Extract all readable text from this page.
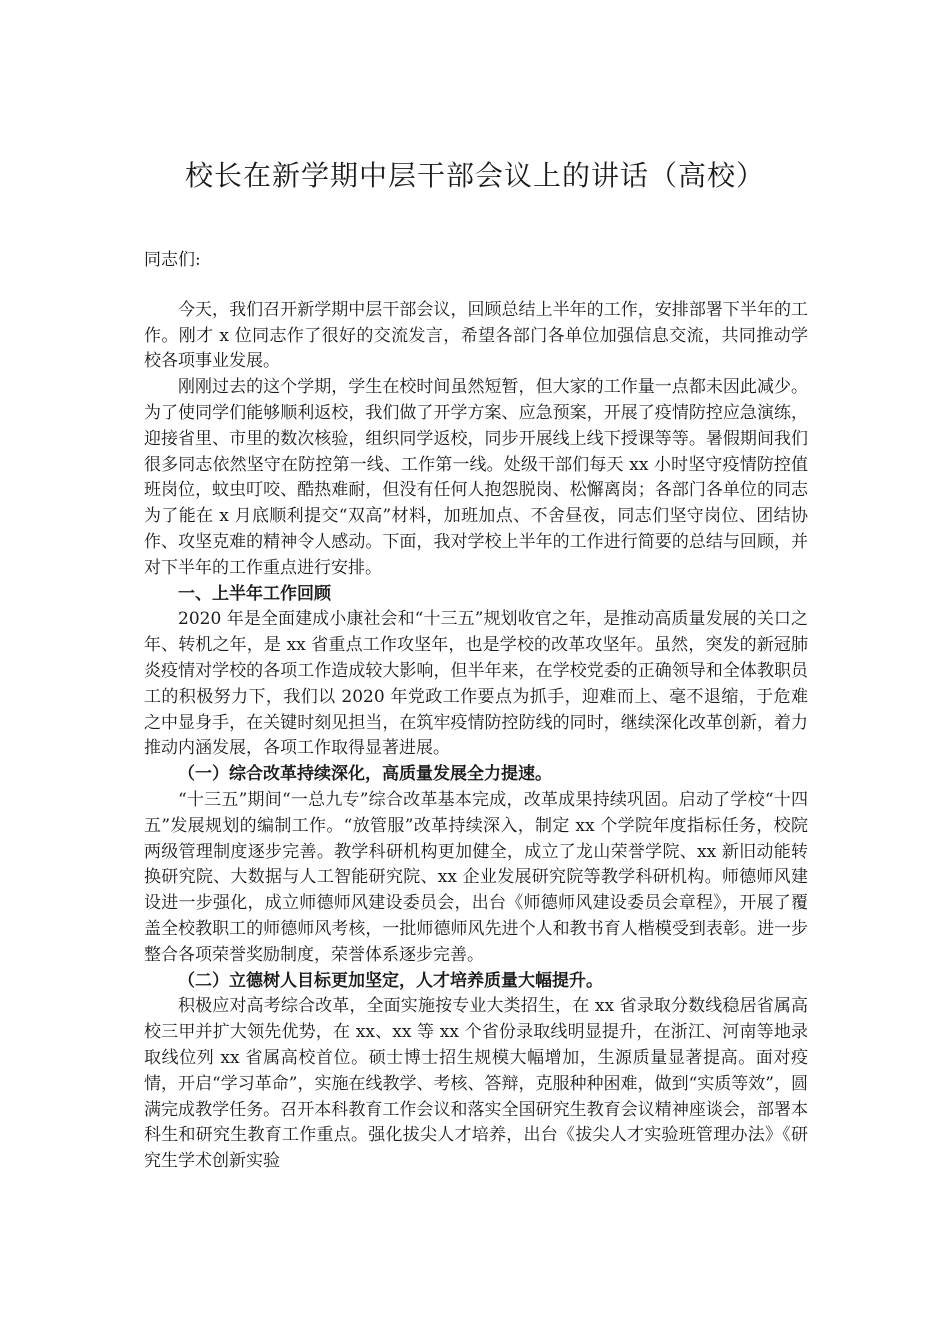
校长在新学期中层干部会议上的讲话（高校）

同志们:

今天，我们召开新学期中层干部会议，回顾总结上半年的工作，安排部署下半年的工作。刚才 x 位同志作了很好的交流发言，希望各部门各单位加强信息交流，共同推动学校各项事业发展。

刚刚过去的这个学期，学生在校时间虽然短暂，但大家的工作量一点都未因此减少。为了使同学们能够顺利返校，我们做了开学方案、应急预案，开展了疫情防控应急演练，迎接省里、市里的数次核验，组织同学返校，同步开展线上线下授课等等。暑假期间我们很多同志依然坚守在防控第一线、工作第一线。处级干部们每天 xx 小时坚守疫情防控值班岗位，蚊虫叮咬、酷热难耐，但没有任何人抱怨脱岗、松懈离岗；各部门各单位的同志为了能在 x 月底顺利提交“双高”材料，加班加点、不舍昼夜，同志们坚守岗位、团结协作、攻坚克难的精神令人感动。下面，我对学校上半年的工作进行简要的总结与回顾，并对下半年的工作重点进行安排。

一、上半年工作回顾

2020 年是全面建成小康社会和“十三五”规划收官之年，是推动高质量发展的关口之年、转机之年，是 xx 省重点工作攻坚年，也是学校的改革攻坚年。虽然，突发的新冠肺炎疫情对学校的各项工作造成较大影响，但半年来，在学校党委的正确领导和全体教职员工的积极努力下，我们以 2020 年党政工作要点为抓手，迎难而上、毫不退缩，于危难之中显身手，在关键时刻见担当，在筑牢疫情防控防线的同时，继续深化改革创新，着力推动内涵发展，各项工作取得显著进展。

（一）综合改革持续深化，高质量发展全力提速。

“十三五”期间“一总九专”综合改革基本完成，改革成果持续巩固。启动了学校“十四五”发展规划的编制工作。“放管服”改革持续深入，制定 xx 个学院年度指标任务，校院两级管理制度逐步完善。教学科研机构更加健全，成立了龙山荣誉学院、xx 新旧动能转换研究院、大数据与人工智能研究院、xx 企业发展研究院等教学科研机构。师德师风建设进一步强化，成立师德师风建设委员会，出台《师德师风建设委员会章程》，开展了覆盖全校教职工的师德师风考核，一批师德师风先进个人和教书育人楷模受到表彰。进一步整合各项荣誉奖励制度，荣誉体系逐步完善。

（二）立德树人目标更加坚定，人才培养质量大幅提升。

积极应对高考综合改革，全面实施按专业大类招生，在 xx 省录取分数线稳居省属高校三甲并扩大领先优势，在 xx、xx 等 xx 个省份录取线明显提升，在浙江、河南等地录取线位列 xx 省属高校首位。硕士博士招生规模大幅增加，生源质量显著提高。面对疫情，开启“学习革命”，实施在线教学、考核、答辩，克服种种困难，做到“实质等效”，圆满完成教学任务。召开本科教育工作会议和落实全国研究生教育会议精神座谈会，部署本科生和研究生教育工作重点。强化拔尖人才培养，出台《拔尖人才实验班管理办法》《研究生学术创新实验
